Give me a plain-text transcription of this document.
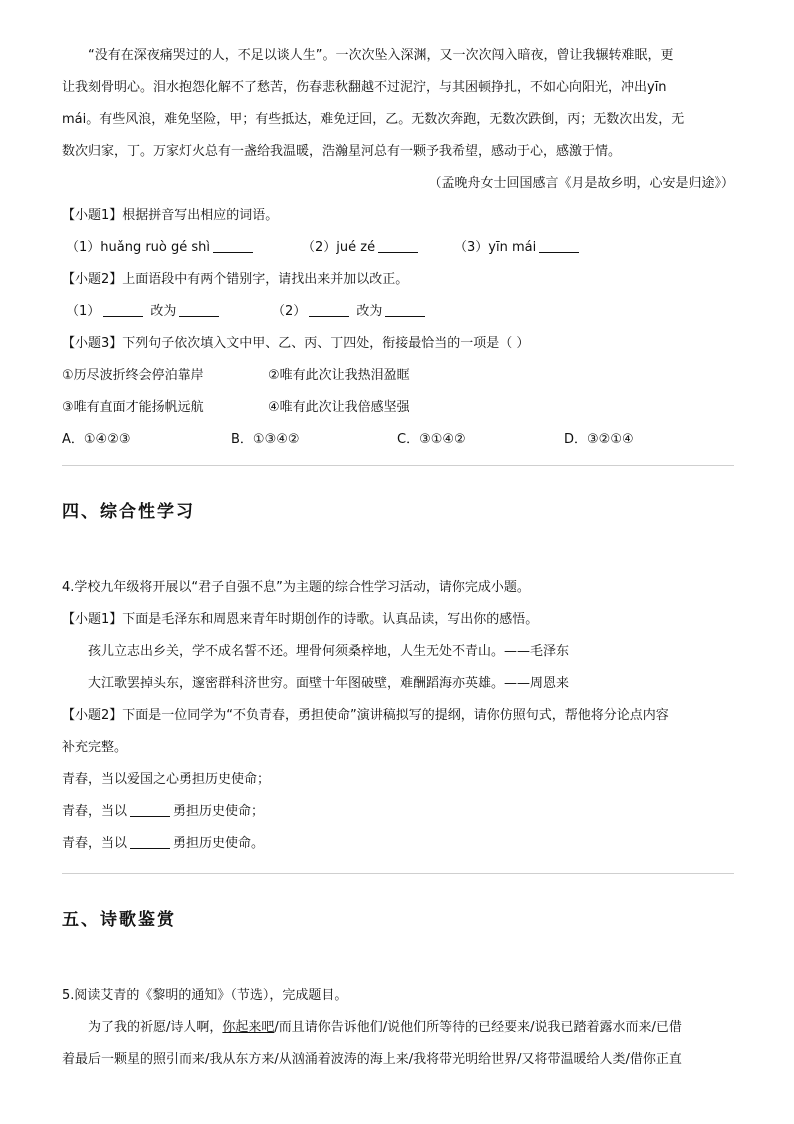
“没有在深夜痛哭过的人，不足以谈人生”。一次次坠入深渊，又一次次闯入暗夜，曾让我辗转难眠，更
让我刻骨明心。泪水抱怨化解不了愁苦，伤春悲秋翻越不过泥泞，与其困顿挣扎，不如心向阳光，冲出yīn
mái。有些风浪，难免坚险，甲；有些抵达，难免迂回，乙。无数次奔跑，无数次跌倒，丙；无数次出发，无
数次归家，丁。万家灯火总有一盏给我温暖，浩瀚星河总有一颗予我希望，感动于心，感激于情。
（孟晚舟女士回国感言《月是故乡明，心安是归途》）
【小题1】根据拼音写出相应的词语。
（1）huǎng ruò gé shì	（2）jué zé	（3）yīn mái
【小题2】上面语段中有两个错别字，请找出来并加以改正。
（1）	改为	（2）	改为
【小题3】下列句子依次填入文中甲、乙、丙、丁四处，衔接最恰当的一项是（ ）
①历尽波折终会停泊靠岸	②唯有此次让我热泪盈眶
③唯有直面才能扬帆远航	④唯有此次让我倍感坚强
A．①④②③	B．①③④②	C．③①④②	D．③②①④
四、综合性学习
4.学校九年级将开展以“君子自强不息”为主题的综合性学习活动，请你完成小题。
【小题1】下面是毛泽东和周恩来青年时期创作的诗歌。认真品读，写出你的感悟。
孩儿立志出乡关，学不成名誓不还。埋骨何须桑梓地，人生无处不青山。——毛泽东
大江歌罢掉头东，邃密群科济世穷。面壁十年图破壁，难酬蹈海亦英雄。——周恩来
【小题2】下面是一位同学为“不负青春，勇担使命”演讲稿拟写的提纲，请你仿照句式，帮他将分论点内容
补充完整。
青春，当以爱国之心勇担历史使命；
青春，当以	勇担历史使命；
青春，当以	勇担历史使命。
五、诗歌鉴赏
5.阅读艾青的《黎明的通知》（节选），完成题目。
为了我的祈愿/诗人啊，你起来吧/而且请你告诉他们/说他们所等待的已经要来/说我已踏着露水而来/已借
着最后一颗星的照引而来/我从东方来/从汹涌着波涛的海上来/我将带光明给世界/又将带温暖给人类/借你正直
